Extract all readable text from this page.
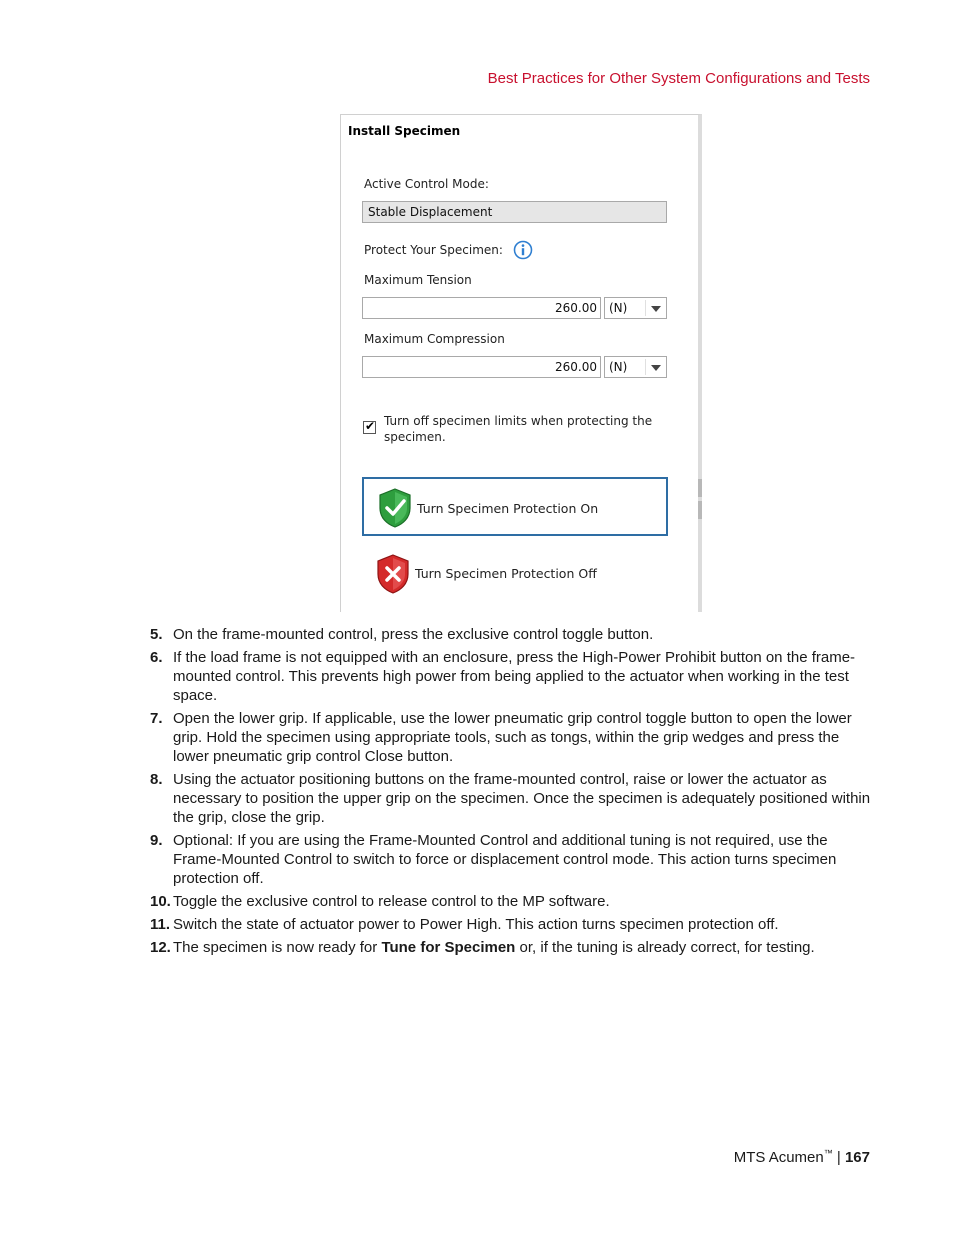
Best Practices for Other System Configurations and Tests
Install Specimen
Active Control Mode:
Stable Displacement
Protect Your Specimen:
Maximum Tension
260.00	(N)
Maximum Compression
260.00	(N)
✔ Turn off specimen limits when protecting the specimen.
Turn Specimen Protection On
Turn Specimen Protection Off
5. On the frame-mounted control, press the exclusive control toggle button.
6. If the load frame is not equipped with an enclosure, press the High-Power Prohibit button on the frame-mounted control. This prevents high power from being applied to the actuator when working in the test space.
7. Open the lower grip. If applicable, use the lower pneumatic grip control toggle button to open the lower grip. Hold the specimen using appropriate tools, such as tongs, within the grip wedges and press the lower pneumatic grip control Close button.
8. Using the actuator positioning buttons on the frame-mounted control, raise or lower the actuator as necessary to position the upper grip on the specimen. Once the specimen is adequately positioned within the grip, close the grip.
9. Optional: If you are using the Frame-Mounted Control and additional tuning is not required, use the Frame-Mounted Control to switch to force or displacement control mode. This action turns specimen protection off.
10. Toggle the exclusive control to release control to the MP software.
11. Switch the state of actuator power to Power High. This action turns specimen protection off.
12. The specimen is now ready for Tune for Specimen or, if the tuning is already correct, for testing.
MTS Acumen™ | 167
